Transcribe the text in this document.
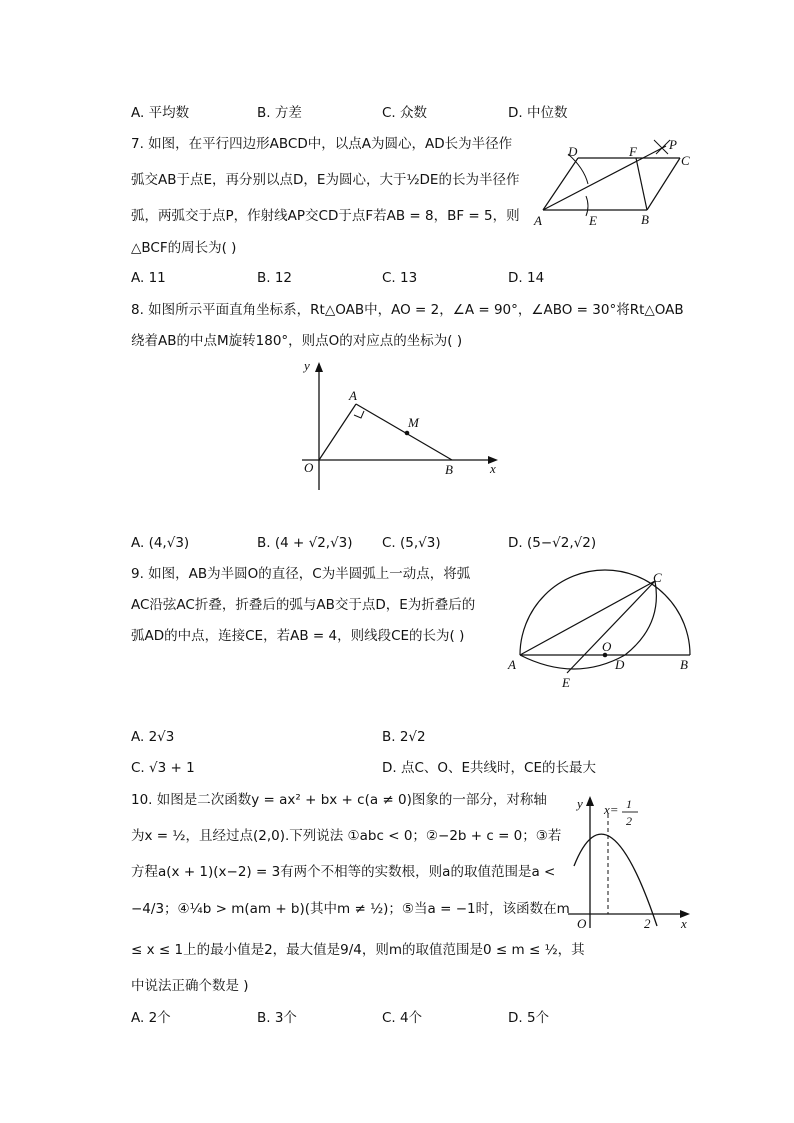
A. 平均数	B. 方差	C. 众数	D. 中位数
7. 如图，在平行四边形ABCD中，以点A为圆心，AD长为半径作
弧交AB于点E，再分别以点D，E为圆心，大于½DE的长为半径作
弧，两弧交于点P，作射线AP交CD于点F若AB = 8，BF = 5，则
△BCF的周长为( )
D	F P
C
A	E	B
A. 11	B. 12	C. 13	D. 14
8. 如图所示平面直角坐标系，Rt△OAB中，AO = 2，∠A = 90°，∠ABO = 30°将Rt△OAB
绕着AB的中点M旋转180°，则点O的对应点的坐标为( )
y
A
M
O	B	x
A. (4,√3)	B. (4 + √2,√3) C. (5,√3)	D. (5−√2,√2)
9. 如图，AB为半圆O的直径，C为半圆弧上一动点，将弧
AC沿弦AC折叠，折叠后的弧与AB交于点D，E为折叠后的
弧AD的中点，连接CE，若AB = 4，则线段CE的长为( )
C
O
A	D	B
E
A. 2√3	B. 2√2
C. √3 + 1	D. 点C、O、E共线时，CE的长最大
10. 如图是二次函数y = ax² + bx + c(a ≠ 0)图象的一部分，对称轴
为x = ½，且经过点(2,0).下列说法 ①abc < 0；②−2b + c = 0；③若
方程a(x + 1)(x−2) = 3有两个不相等的实数根，则a的取值范围是a <
−4/3；④¼b > m(am + b)(其中m ≠ ½)；⑤当a = −1时，该函数在m
≤ x ≤ 1上的最小值是2，最大值是9/4，则m的取值范围是0 ≤ m ≤ ½，其
中说法正确个数是 )
y x= 1
2
O	2 x
A. 2个	B. 3个	C. 4个	D. 5个
